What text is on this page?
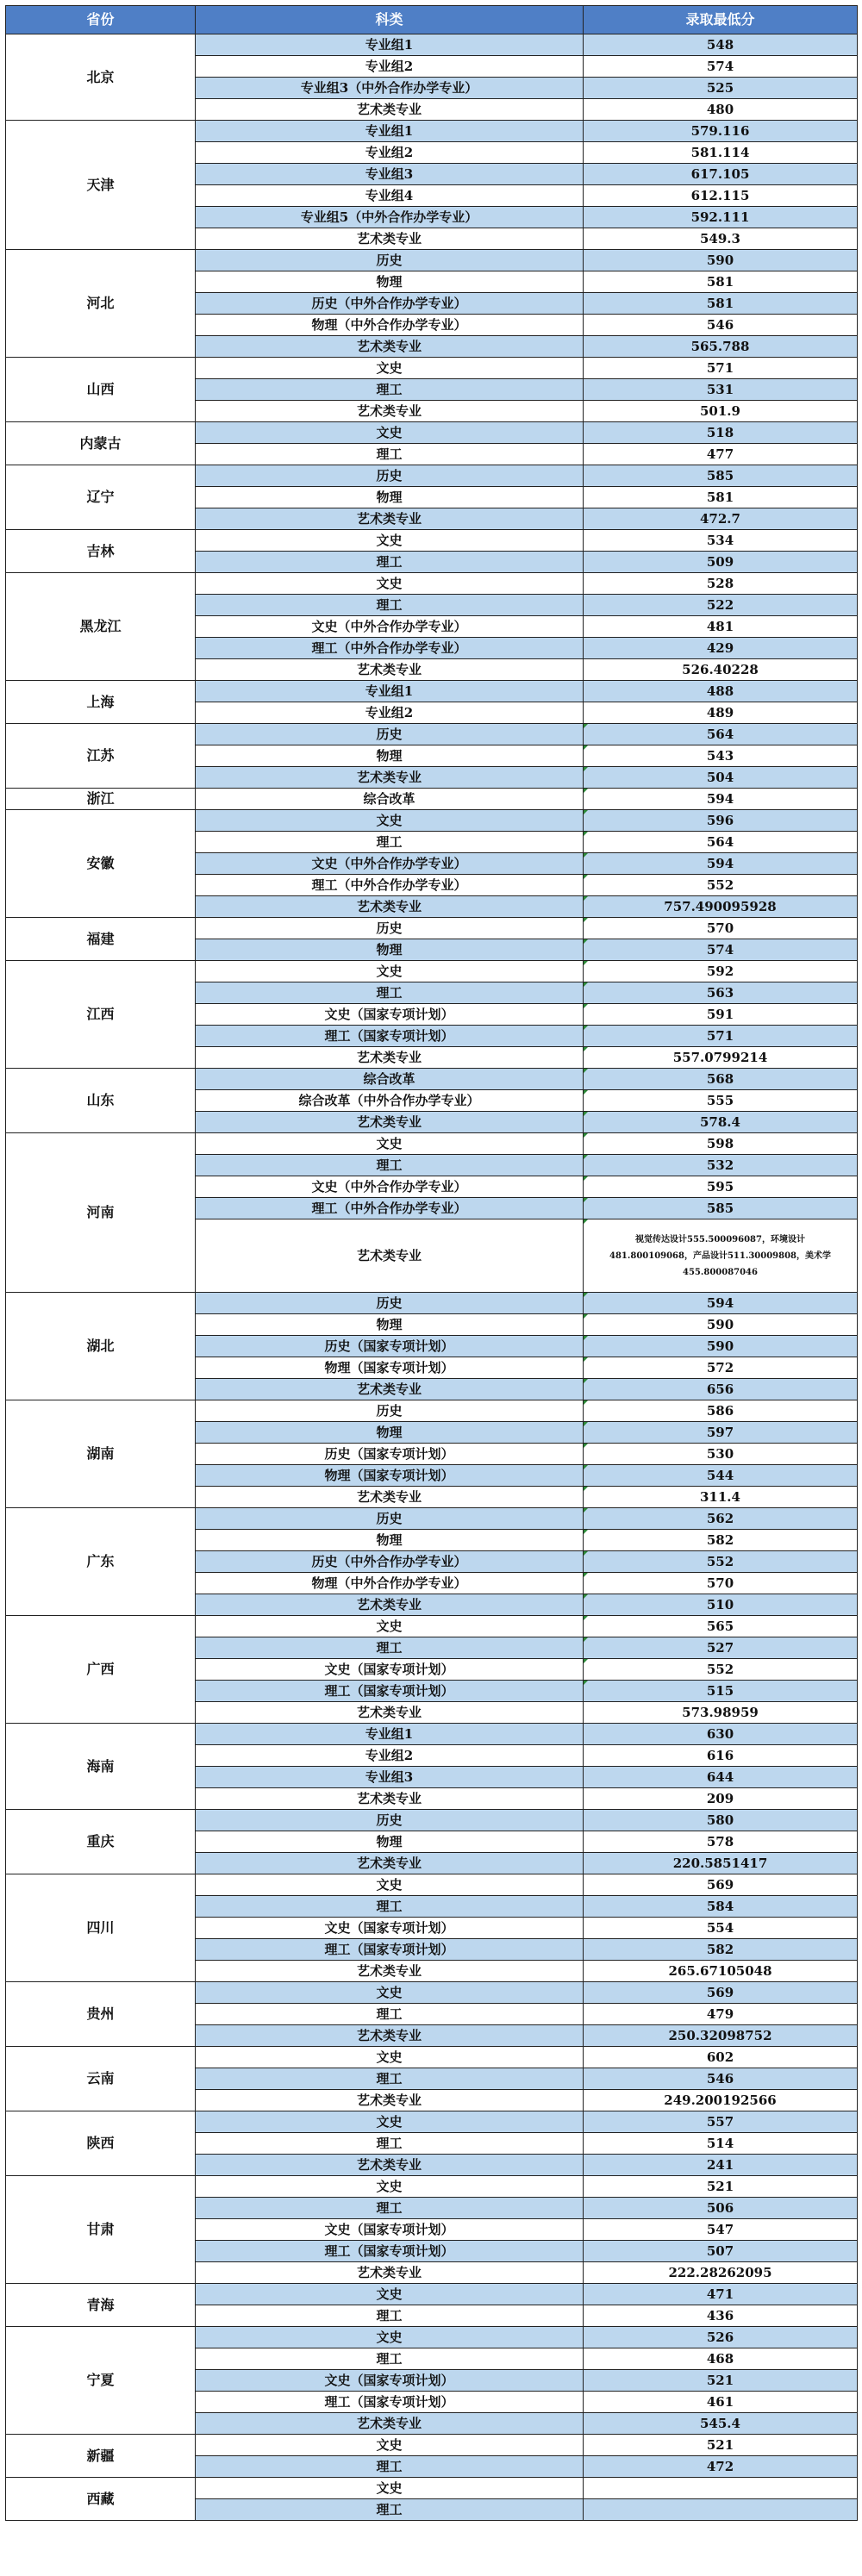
省份	科类	录取最低分
北京	专业组1	548
	专业组2	574
	专业组3（中外合作办学专业）	525
	艺术类专业	480
天津	专业组1	579.116
	专业组2	581.114
	专业组3	617.105
	专业组4	612.115
	专业组5（中外合作办学专业）	592.111
	艺术类专业	549.3
河北	历史	590
	物理	581
	历史（中外合作办学专业）	581
	物理（中外合作办学专业）	546
	艺术类专业	565.788
山西	文史	571
	理工	531
	艺术类专业	501.9
内蒙古	文史	518
	理工	477
辽宁	历史	585
	物理	581
	艺术类专业	472.7
吉林	文史	534
	理工	509
黑龙江	文史	528
	理工	522
	文史（中外合作办学专业）	481
	理工（中外合作办学专业）	429
	艺术类专业	526.40228
上海	专业组1	488
	专业组2	489
江苏	历史	564
	物理	543
	艺术类专业	504
浙江	综合改革	594
安徽	文史	596
	理工	564
	文史（中外合作办学专业）	594
	理工（中外合作办学专业）	552
	艺术类专业	757.490095928
福建	历史	570
	物理	574
江西	文史	592
	理工	563
	文史（国家专项计划）	591
	理工（国家专项计划）	571
	艺术类专业	557.0799214
山东	综合改革	568
	综合改革（中外合作办学专业）	555
	艺术类专业	578.4
河南	文史	598
	理工	532
	文史（中外合作办学专业）	595
	理工（中外合作办学专业）	585
	艺术类专业	视觉传达设计555.500096087，环境设计481.800109068，产品设计511.30009808，美术学455.800087046
湖北	历史	594
	物理	590
	历史（国家专项计划）	590
	物理（国家专项计划）	572
	艺术类专业	656
湖南	历史	586
	物理	597
	历史（国家专项计划）	530
	物理（国家专项计划）	544
	艺术类专业	311.4
广东	历史	562
	物理	582
	历史（中外合作办学专业）	552
	物理（中外合作办学专业）	570
	艺术类专业	510
广西	文史	565
	理工	527
	文史（国家专项计划）	552
	理工（国家专项计划）	515
	艺术类专业	573.98959
海南	专业组1	630
	专业组2	616
	专业组3	644
	艺术类专业	209
重庆	历史	580
	物理	578
	艺术类专业	220.5851417
四川	文史	569
	理工	584
	文史（国家专项计划）	554
	理工（国家专项计划）	582
	艺术类专业	265.67105048
贵州	文史	569
	理工	479
	艺术类专业	250.32098752
云南	文史	602
	理工	546
	艺术类专业	249.200192566
陕西	文史	557
	理工	514
	艺术类专业	241
甘肃	文史	521
	理工	506
	文史（国家专项计划）	547
	理工（国家专项计划）	507
	艺术类专业	222.28262095
青海	文史	471
	理工	436
宁夏	文史	526
	理工	468
	文史（国家专项计划）	521
	理工（国家专项计划）	461
	艺术类专业	545.4
新疆	文史	521
	理工	472
西藏	文史	
	理工	
